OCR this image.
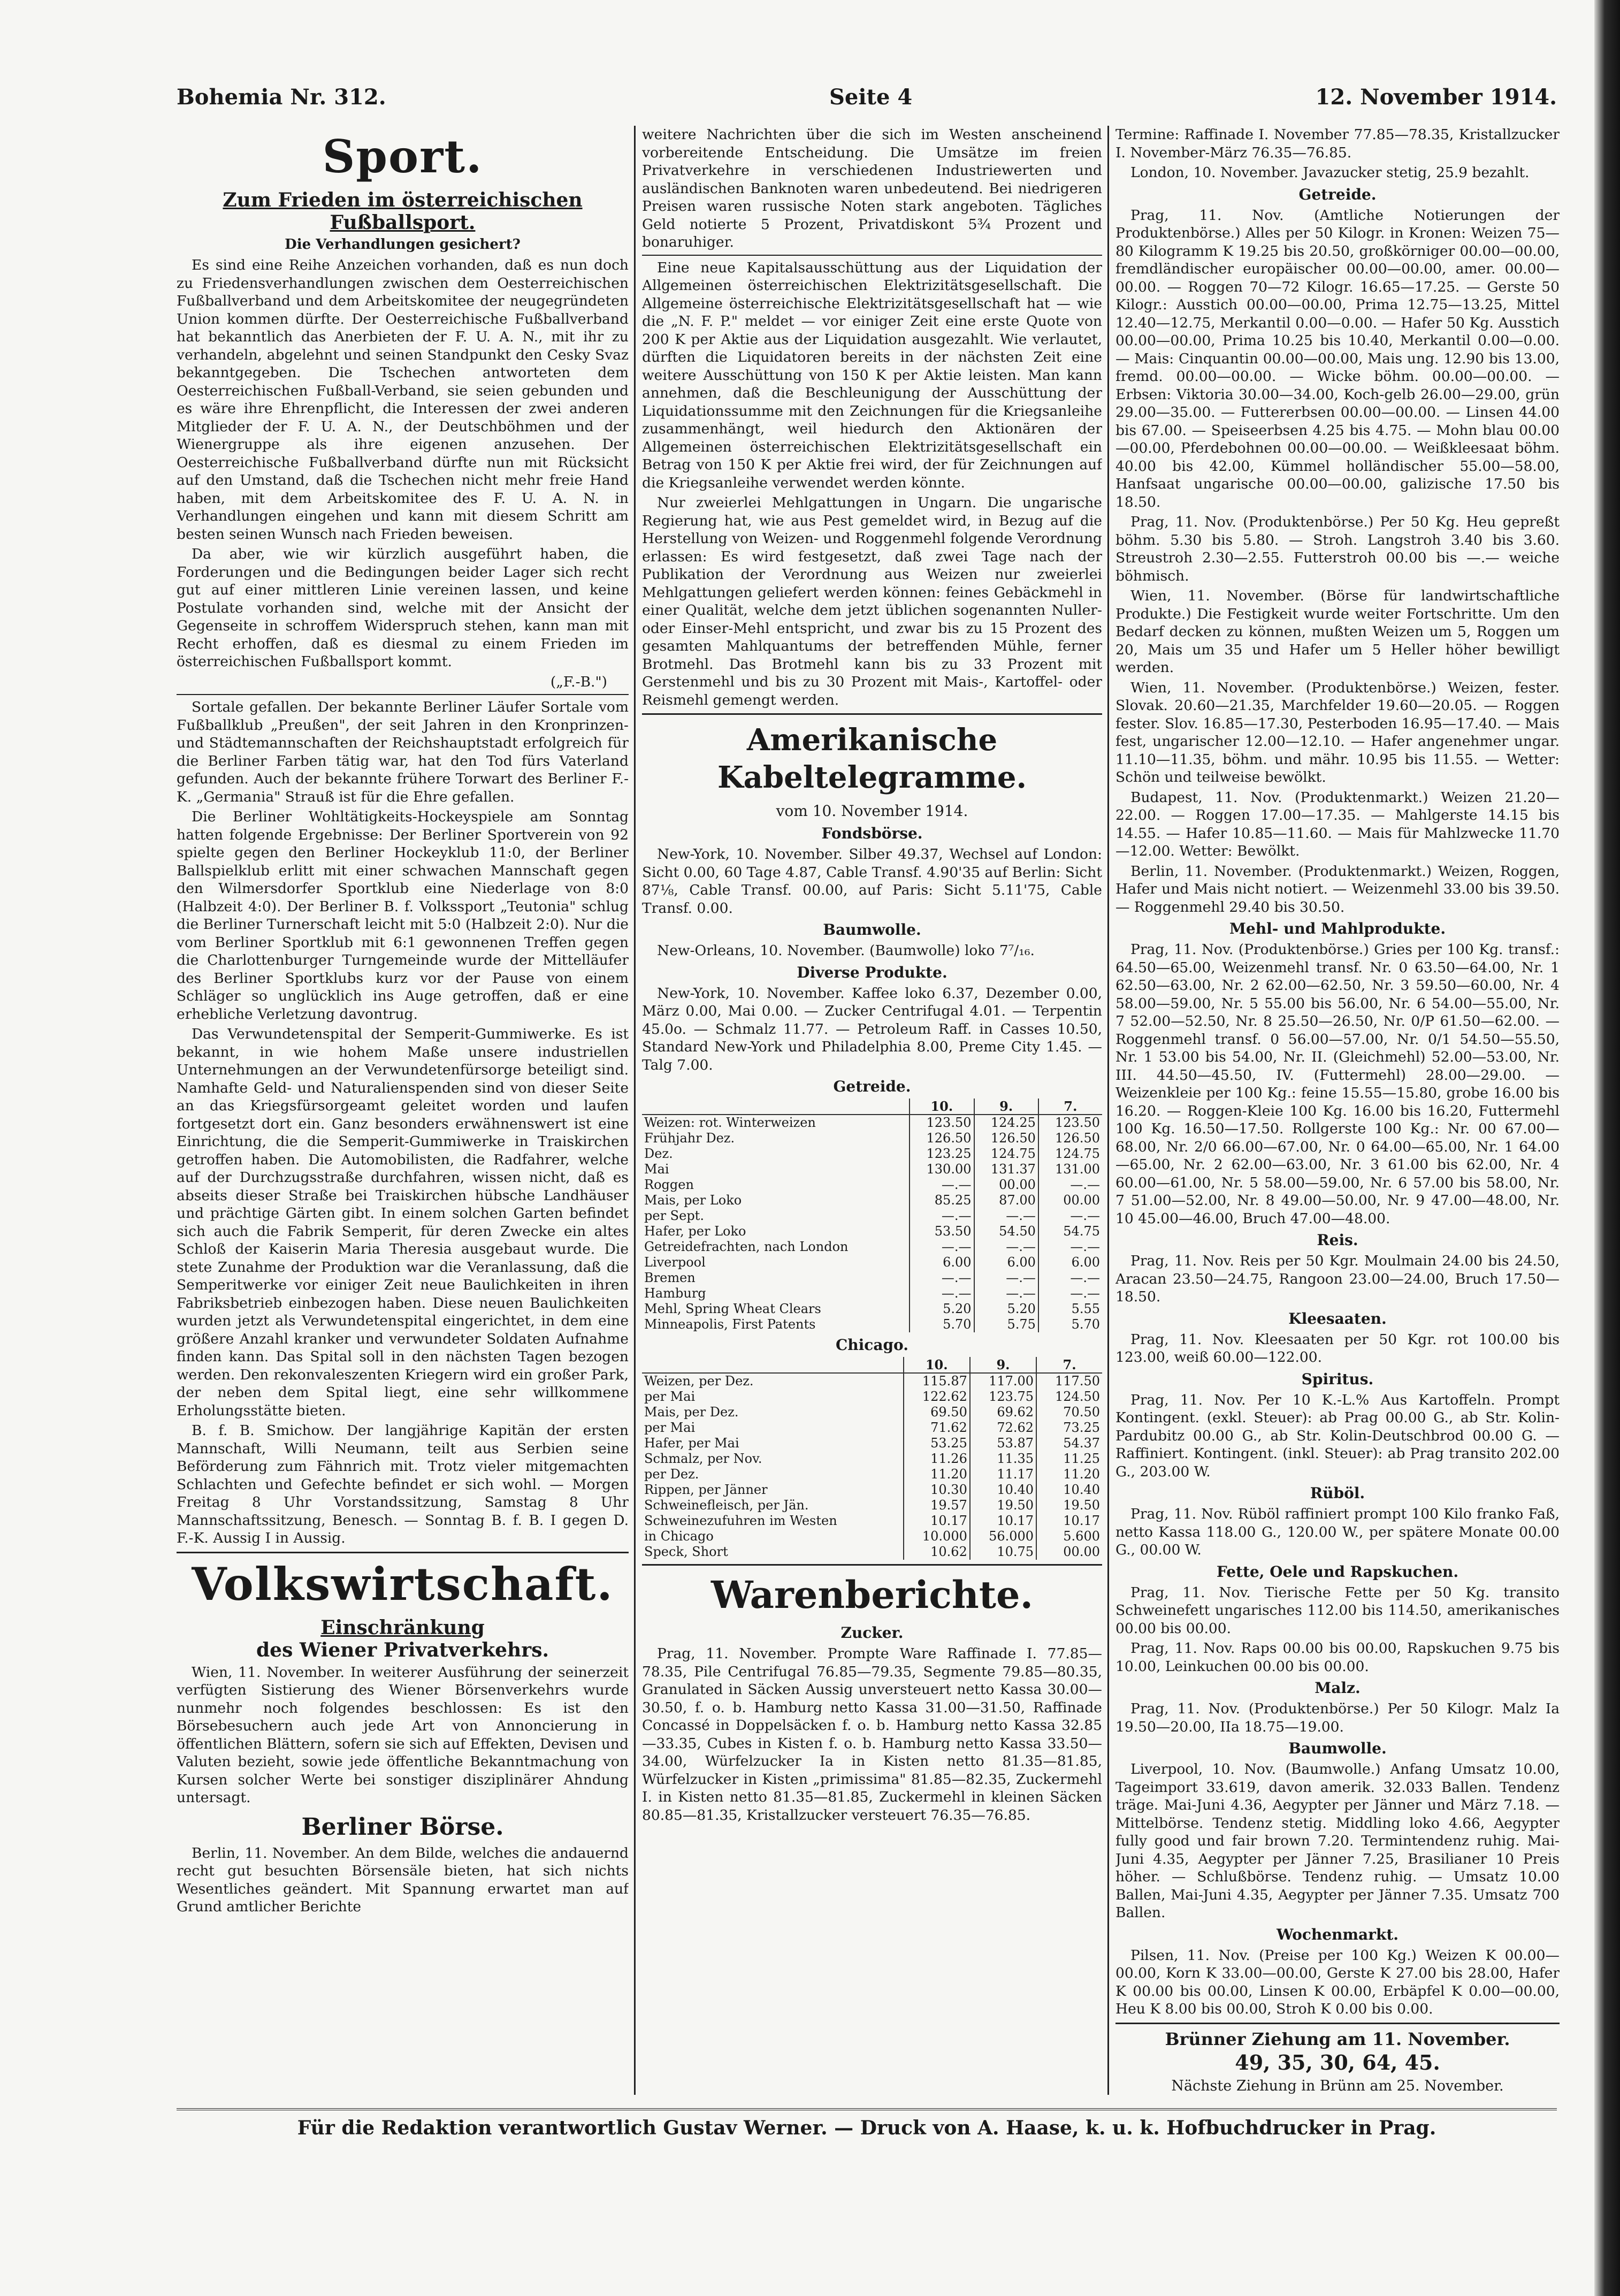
Bohemia Nr. 312.	Seite 4	12. November 1914.
Sport.
Zum Frieden im österreichischen Fußballsport.
Die Verhandlungen gesichert?

Es sind eine Reihe Anzeichen vorhanden, daß es nun doch zu Friedensverhandlungen zwischen dem Oesterreichischen Fußballverband und dem Arbeitskomitee der neugegründeten Union kommen dürfte. Der Oesterreichische Fußballverband hat bekanntlich das Anerbieten der F. U. A. N., mit ihr zu verhandeln, abgelehnt und seinen Standpunkt den Cesky Svaz bekanntgegeben. Die Tschechen antworteten dem Oesterreichischen Fußball-Verband, sie seien gebunden und es wäre ihre Ehrenpflicht, die Interessen der zwei anderen Mitglieder der F. U. A. N., der Deutschböhmen und der Wienergruppe als ihre eigenen anzusehen. Der Oesterreichische Fußballverband dürfte nun mit Rücksicht auf den Umstand, daß die Tschechen nicht mehr freie Hand haben, mit dem Arbeitskomitee des F. U. A. N. in Verhandlungen eingehen und kann mit diesem Schritt am besten seinen Wunsch nach Frieden beweisen.

Da aber, wie wir kürzlich ausgeführt haben, die Forderungen und die Bedingungen beider Lager sich recht gut auf einer mittleren Linie vereinen lassen, und keine Postulate vorhanden sind, welche mit der Ansicht der Gegenseite in schroffem Widerspruch stehen, kann man mit Recht erhoffen, daß es diesmal zu einem Frieden im österreichischen Fußballsport kommt.

(„F.-B.")

Sortale gefallen. Der bekannte Berliner Läufer Sortale vom Fußballklub „Preußen", der seit Jahren in den Kronprinzen- und Städtemannschaften der Reichshauptstadt erfolgreich für die Berliner Farben tätig war, hat den Tod fürs Vaterland gefunden. Auch der bekannte frühere Torwart des Berliner F.-K. „Germania" Strauß ist für die Ehre gefallen.

Die Berliner Wohltätigkeits-Hockeyspiele am Sonntag hatten folgende Ergebnisse: Der Berliner Sportverein von 92 spielte gegen den Berliner Hockeyklub 11:0, der Berliner Ballspielklub erlitt mit einer schwachen Mannschaft gegen den Wilmersdorfer Sportklub eine Niederlage von 8:0 (Halbzeit 4:0). Der Berliner B. f. Volkssport „Teutonia" schlug die Berliner Turnerschaft leicht mit 5:0 (Halbzeit 2:0). Nur die vom Berliner Sportklub mit 6:1 gewonnenen Treffen gegen die Charlottenburger Turngemeinde wurde der Mittelläufer des Berliner Sportklubs kurz vor der Pause von einem Schläger so unglücklich ins Auge getroffen, daß er eine erhebliche Verletzung davontrug.

Das Verwundetenspital der Semperit-Gummiwerke. Es ist bekannt, in wie hohem Maße unsere industriellen Unternehmungen an der Verwundetenfürsorge beteiligt sind. Namhafte Geld- und Naturalienspenden sind von dieser Seite an das Kriegsfürsorgeamt geleitet worden und laufen fortgesetzt dort ein. Ganz besonders erwähnenswert ist eine Einrichtung, die die Semperit-Gummiwerke in Traiskirchen getroffen haben. Die Automobilisten, die Radfahrer, welche auf der Durchzugsstraße durchfahren, wissen nicht, daß es abseits dieser Straße bei Traiskirchen hübsche Landhäuser und prächtige Gärten gibt. In einem solchen Garten befindet sich auch die Fabrik Semperit, für deren Zwecke ein altes Schloß der Kaiserin Maria Theresia ausgebaut wurde. Die stete Zunahme der Produktion war die Veranlassung, daß die Semperitwerke vor einiger Zeit neue Baulichkeiten in ihren Fabriksbetrieb einbezogen haben. Diese neuen Baulichkeiten wurden jetzt als Verwundetenspital eingerichtet, in dem eine größere Anzahl kranker und verwundeter Soldaten Aufnahme finden kann. Das Spital soll in den nächsten Tagen bezogen werden. Den rekonvaleszenten Kriegern wird ein großer Park, der neben dem Spital liegt, eine sehr willkommene Erholungsstätte bieten.

B. f. B. Smichow. Der langjährige Kapitän der ersten Mannschaft, Willi Neumann, teilt aus Serbien seine Beförderung zum Fähnrich mit. Trotz vieler mitgemachten Schlachten und Gefechte befindet er sich wohl. — Morgen Freitag 8 Uhr Vorstandssitzung, Samstag 8 Uhr Mannschaftssitzung, Benesch. — Sonntag B. f. B. I gegen D. F.-K. Aussig I in Aussig.

Volkswirtschaft.
Einschränkung
des Wiener Privatverkehrs.

Wien, 11. November. In weiterer Ausführung der seinerzeit verfügten Sistierung des Wiener Börsenverkehrs wurde nunmehr noch folgendes beschlossen: Es ist den Börsebesuchern auch jede Art von Annoncierung in öffentlichen Blättern, sofern sie sich auf Effekten, Devisen und Valuten bezieht, sowie jede öffentliche Bekanntmachung von Kursen solcher Werte bei sonstiger disziplinärer Ahndung untersagt.

Berliner Börse.

Berlin, 11. November. An dem Bilde, welches die andauernd recht gut besuchten Börsensäle bieten, hat sich nichts Wesentliches geändert. Mit Spannung erwartet man auf Grund amtlicher Berichte

weitere Nachrichten über die sich im Westen anscheinend vorbereitende Entscheidung. Die Umsätze im freien Privatverkehre in verschiedenen Industriewerten und ausländischen Banknoten waren unbedeutend. Bei niedrigeren Preisen waren russische Noten stark angeboten. Tägliches Geld notierte 5 Prozent, Privatdiskont 5¾ Prozent und bonaruhiger.

Eine neue Kapitalsausschüttung aus der Liquidation der Allgemeinen österreichischen Elektrizitätsgesellschaft. Die Allgemeine österreichische Elektrizitätsgesellschaft hat — wie die „N. F. P." meldet — vor einiger Zeit eine erste Quote von 200 K per Aktie aus der Liquidation ausgezahlt. Wie verlautet, dürften die Liquidatoren bereits in der nächsten Zeit eine weitere Ausschüttung von 150 K per Aktie leisten. Man kann annehmen, daß die Beschleunigung der Ausschüttung der Liquidationssumme mit den Zeichnungen für die Kriegsanleihe zusammenhängt, weil hiedurch den Aktionären der Allgemeinen österreichischen Elektrizitätsgesellschaft ein Betrag von 150 K per Aktie frei wird, der für Zeichnungen auf die Kriegsanleihe verwendet werden könnte.

Nur zweierlei Mehlgattungen in Ungarn. Die ungarische Regierung hat, wie aus Pest gemeldet wird, in Bezug auf die Herstellung von Weizen- und Roggenmehl folgende Verordnung erlassen: Es wird festgesetzt, daß zwei Tage nach der Publikation der Verordnung aus Weizen nur zweierlei Mehlgattungen geliefert werden können: feines Gebäckmehl in einer Qualität, welche dem jetzt üblichen sogenannten Nuller- oder Einser-Mehl entspricht, und zwar bis zu 15 Prozent des gesamten Mahlquantums der betreffenden Mühle, ferner Brotmehl. Das Brotmehl kann bis zu 33 Prozent mit Gerstenmehl und bis zu 30 Prozent mit Mais-, Kartoffel- oder Reismehl gemengt werden.

Amerikanische Kabeltelegramme.
vom 10. November 1914.
Fondsbörse.

New-York, 10. November. Silber 49.37, Wechsel auf London: Sicht 0.00, 60 Tage 4.87, Cable Transf. 4.90'35 auf Berlin: Sicht 87⅛, Cable Transf. 00.00, auf Paris: Sicht 5.11'75, Cable Transf. 0.00.

Baumwolle.

New-Orleans, 10. November. (Baumwolle) loko 7⁷/₁₆.

Diverse Produkte.

New-York, 10. November. Kaffee loko 6.37, Dezember 0.00, März 0.00, Mai 0.00. — Zucker Centrifugal 4.01. — Terpentin 45.0o. — Schmalz 11.77. — Petroleum Raff. in Casses 10.50, Standard New-York und Philadelphia 8.00, Preme City 1.45. — Talg 7.00.

Getreide.
	10.	9.	7.
Weizen: rot. Winterweizen	123.50	124.25	123.50
Frühjahr Dez.	126.50	126.50	126.50
Dez.	123.25	124.75	124.75
Mai	130.00	131.37	131.00
Roggen	—.—	00.00	—.—
Mais, per Loko	85.25	87.00	00.00
per Sept.	—.—	—.—	—.—
Hafer, per Loko	53.50	54.50	54.75
Getreidefrachten, nach London	—.—	—.—	—.—
Liverpool	6.00	6.00	6.00
Bremen	—.—	—.—	—.—
Hamburg	—.—	—.—	—.—
Mehl, Spring Wheat Clears	5.20	5.20	5.55
Minneapolis, First Patents	5.70	5.75	5.70
Chicago.
	10.	9.	7.
Weizen, per Dez.	115.87	117.00	117.50
per Mai	122.62	123.75	124.50
Mais, per Dez.	69.50	69.62	70.50
per Mai	71.62	72.62	73.25
Hafer, per Mai	53.25	53.87	54.37
Schmalz, per Nov.	11.26	11.35	11.25
per Dez.	11.20	11.17	11.20
Rippen, per Jänner	10.30	10.40	10.40
Schweinefleisch, per Jän.	19.57	19.50	19.50
Schweinezufuhren im Westen	10.17	10.17	10.17
in Chicago	10.000	56.000	5.600
Speck, Short	10.62	10.75	00.00
Warenberichte.
Zucker.

Prag, 11. November. Prompte Ware Raffinade I. 77.85—78.35, Pile Centrifugal 76.85—79.35, Segmente 79.85—80.35, Granulated in Säcken Aussig unversteuert netto Kassa 30.00—30.50, f. o. b. Hamburg netto Kassa 31.00—31.50, Raffinade Concassé in Doppelsäcken f. o. b. Hamburg netto Kassa 32.85—33.35, Cubes in Kisten f. o. b. Hamburg netto Kassa 33.50—34.00, Würfelzucker Ia in Kisten netto 81.35—81.85, Würfelzucker in Kisten „primissima" 81.85—82.35, Zuckermehl I. in Kisten netto 81.35—81.85, Zuckermehl in kleinen Säcken 80.85—81.35, Kristallzucker versteuert 76.35—76.85.

Termine: Raffinade I. November 77.85—78.35, Kristallzucker I. November-März 76.35—76.85.

London, 10. November. Javazucker stetig, 25.9 bezahlt.

Getreide.

Prag, 11. Nov. (Amtliche Notierungen der Produktenbörse.) Alles per 50 Kilogr. in Kronen: Weizen 75—80 Kilogramm K 19.25 bis 20.50, großkörniger 00.00—00.00, fremdländischer europäischer 00.00—00.00, amer. 00.00—00.00. — Roggen 70—72 Kilogr. 16.65—17.25. — Gerste 50 Kilogr.: Ausstich 00.00—00.00, Prima 12.75—13.25, Mittel 12.40—12.75, Merkantil 0.00—0.00. — Hafer 50 Kg. Ausstich 00.00—00.00, Prima 10.25 bis 10.40, Merkantil 0.00—0.00. — Mais: Cinquantin 00.00—00.00, Mais ung. 12.90 bis 13.00, fremd. 00.00—00.00. — Wicke böhm. 00.00—00.00. — Erbsen: Viktoria 30.00—34.00, Koch-gelb 26.00—29.00, grün 29.00—35.00. — Futtererbsen 00.00—00.00. — Linsen 44.00 bis 67.00. — Speiseerbsen 4.25 bis 4.75. — Mohn blau 00.00—00.00, Pferdebohnen 00.00—00.00. — Weißkleesaat böhm. 40.00 bis 42.00, Kümmel holländischer 55.00—58.00, Hanfsaat ungarische 00.00—00.00, galizische 17.50 bis 18.50.

Prag, 11. Nov. (Produktenbörse.) Per 50 Kg. Heu gepreßt böhm. 5.30 bis 5.80. — Stroh. Langstroh 3.40 bis 3.60. Streustroh 2.30—2.55. Futterstroh 00.00 bis —.— weiche böhmisch.

Wien, 11. November. (Börse für landwirtschaftliche Produkte.) Die Festigkeit wurde weiter Fortschritte. Um den Bedarf decken zu können, mußten Weizen um 5, Roggen um 20, Mais um 35 und Hafer um 5 Heller höher bewilligt werden.

Wien, 11. November. (Produktenbörse.) Weizen, fester. Slovak. 20.60—21.35, Marchfelder 19.60—20.05. — Roggen fester. Slov. 16.85—17.30, Pesterboden 16.95—17.40. — Mais fest, ungarischer 12.00—12.10. — Hafer angenehmer ungar. 11.10—11.35, böhm. und mähr. 10.95 bis 11.55. — Wetter: Schön und teilweise bewölkt.

Budapest, 11. Nov. (Produktenmarkt.) Weizen 21.20—22.00. — Roggen 17.00—17.35. — Mahlgerste 14.15 bis 14.55. — Hafer 10.85—11.60. — Mais für Mahlzwecke 11.70—12.00. Wetter: Bewölkt.

Berlin, 11. November. (Produktenmarkt.) Weizen, Roggen, Hafer und Mais nicht notiert. — Weizenmehl 33.00 bis 39.50. — Roggenmehl 29.40 bis 30.50.

Mehl- und Mahlprodukte.

Prag, 11. Nov. (Produktenbörse.) Gries per 100 Kg. transf.: 64.50—65.00, Weizenmehl transf. Nr. 0 63.50—64.00, Nr. 1 62.50—63.00, Nr. 2 62.00—62.50, Nr. 3 59.50—60.00, Nr. 4 58.00—59.00, Nr. 5 55.00 bis 56.00, Nr. 6 54.00—55.00, Nr. 7 52.00—52.50, Nr. 8 25.50—26.50, Nr. 0/P 61.50—62.00. — Roggenmehl transf. 0 56.00—57.00, Nr. 0/1 54.50—55.50, Nr. 1 53.00 bis 54.00, Nr. II. (Gleichmehl) 52.00—53.00, Nr. III. 44.50—45.50, IV. (Futtermehl) 28.00—29.00. — Weizenkleie per 100 Kg.: feine 15.55—15.80, grobe 16.00 bis 16.20. — Roggen-Kleie 100 Kg. 16.00 bis 16.20, Futtermehl 100 Kg. 16.50—17.50. Rollgerste 100 Kg.: Nr. 00 67.00—68.00, Nr. 2/0 66.00—67.00, Nr. 0 64.00—65.00, Nr. 1 64.00—65.00, Nr. 2 62.00—63.00, Nr. 3 61.00 bis 62.00, Nr. 4 60.00—61.00, Nr. 5 58.00—59.00, Nr. 6 57.00 bis 58.00, Nr. 7 51.00—52.00, Nr. 8 49.00—50.00, Nr. 9 47.00—48.00, Nr. 10 45.00—46.00, Bruch 47.00—48.00.

Reis.

Prag, 11. Nov. Reis per 50 Kgr. Moulmain 24.00 bis 24.50, Aracan 23.50—24.75, Rangoon 23.00—24.00, Bruch 17.50—18.50.

Kleesaaten.

Prag, 11. Nov. Kleesaaten per 50 Kgr. rot 100.00 bis 123.00, weiß 60.00—122.00.

Spiritus.

Prag, 11. Nov. Per 10 K.-L.% Aus Kartoffeln. Prompt Kontingent. (exkl. Steuer): ab Prag 00.00 G., ab Str. Kolin-Pardubitz 00.00 G., ab Str. Kolin-Deutschbrod 00.00 G. — Raffiniert. Kontingent. (inkl. Steuer): ab Prag transito 202.00 G., 203.00 W.

Rüböl.

Prag, 11. Nov. Rüböl raffiniert prompt 100 Kilo franko Faß, netto Kassa 118.00 G., 120.00 W., per spätere Monate 00.00 G., 00.00 W.

Fette, Oele und Rapskuchen.

Prag, 11. Nov. Tierische Fette per 50 Kg. transito Schweinefett ungarisches 112.00 bis 114.50, amerikanisches 00.00 bis 00.00.

Prag, 11. Nov. Raps 00.00 bis 00.00, Rapskuchen 9.75 bis 10.00, Leinkuchen 00.00 bis 00.00.

Malz.

Prag, 11. Nov. (Produktenbörse.) Per 50 Kilogr. Malz Ia 19.50—20.00, IIa 18.75—19.00.

Baumwolle.

Liverpool, 10. Nov. (Baumwolle.) Anfang Umsatz 10.00, Tageimport 33.619, davon amerik. 32.033 Ballen. Tendenz träge. Mai-Juni 4.36, Aegypter per Jänner und März 7.18. — Mittelbörse. Tendenz stetig. Middling loko 4.66, Aegypter fully good und fair brown 7.20. Termintendenz ruhig. Mai-Juni 4.35, Aegypter per Jänner 7.25, Brasilianer 10 Preis höher. — Schlußbörse. Tendenz ruhig. — Umsatz 10.00 Ballen, Mai-Juni 4.35, Aegypter per Jänner 7.35. Umsatz 700 Ballen.

Wochenmarkt.

Pilsen, 11. Nov. (Preise per 100 Kg.) Weizen K 00.00—00.00, Korn K 33.00—00.00, Gerste K 27.00 bis 28.00, Hafer K 00.00 bis 00.00, Linsen K 00.00, Erbäpfel K 0.00—00.00, Heu K 8.00 bis 00.00, Stroh K 0.00 bis 0.00.

Brünner Ziehung am 11. November.
49, 35, 30, 64, 45.
Nächste Ziehung in Brünn am 25. November.
Für die Redaktion verantwortlich Gustav Werner. — Druck von A. Haase, k. u. k. Hofbuchdrucker in Prag.
